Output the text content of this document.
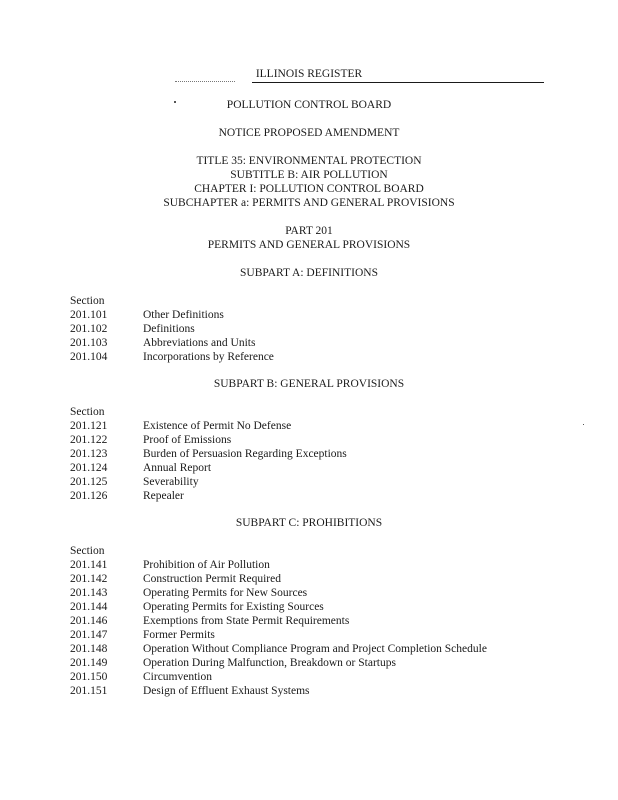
ILLINOIS REGISTER
POLLUTION CONTROL BOARD
NOTICE PROPOSED AMENDMENT
TITLE 35: ENVIRONMENTAL PROTECTION
SUBTITLE B: AIR POLLUTION
CHAPTER I: POLLUTION CONTROL BOARD
SUBCHAPTER a: PERMITS AND GENERAL PROVISIONS
PART 201
PERMITS AND GENERAL PROVISIONS
SUBPART A: DEFINITIONS
Section
201.101	Other Definitions
201.102	Definitions
201.103	Abbreviations and Units
201.104	Incorporations by Reference
SUBPART B: GENERAL PROVISIONS
Section
201.121	Existence of Permit No Defense
201.122	Proof of Emissions
201.123	Burden of Persuasion Regarding Exceptions
201.124	Annual Report
201.125	Severability
201.126	Repealer
SUBPART C: PROHIBITIONS
Section
201.141	Prohibition of Air Pollution
201.142	Construction Permit Required
201.143	Operating Permits for New Sources
201.144	Operating Permits for Existing Sources
201.146	Exemptions from State Permit Requirements
201.147	Former Permits
201.148	Operation Without Compliance Program and Project Completion Schedule
201.149	Operation During Malfunction, Breakdown or Startups
201.150	Circumvention
201.151	Design of Effluent Exhaust Systems
